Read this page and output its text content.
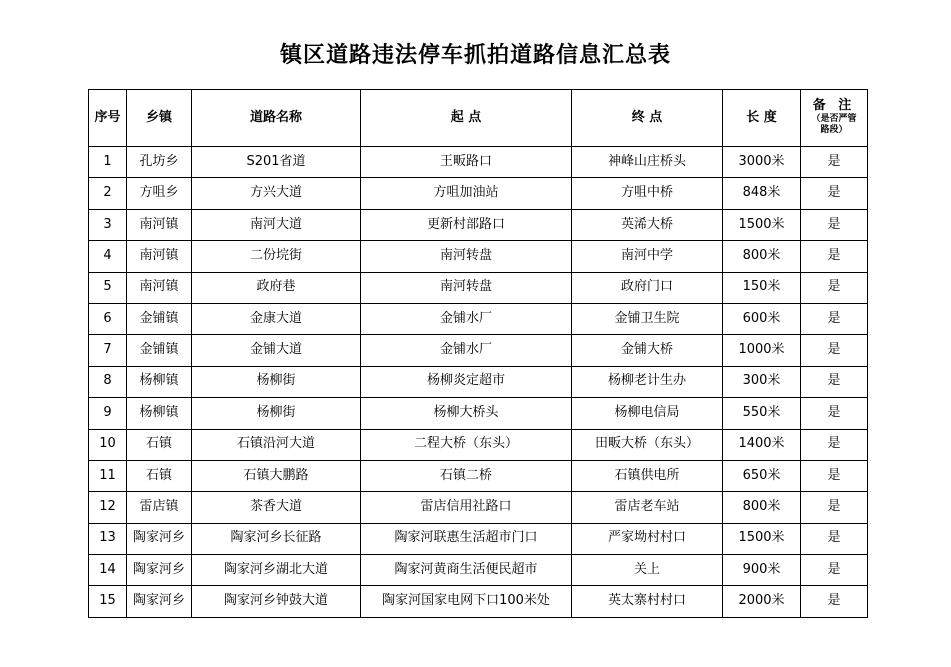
镇区道路违法停车抓拍道路信息汇总表
序号	乡镇	道路名称	起 点	终 点	长 度	备 注
（是否严管
路段）

1	孔坊乡	S201省道	王畈路口	神峰山庄桥头	3000米	是
2	方咀乡	方兴大道	方咀加油站	方咀中桥	848米	是
3	南河镇	南河大道	更新村部路口	英浠大桥	1500米	是
4	南河镇	二份垸街	南河转盘	南河中学	800米	是
5	南河镇	政府巷	南河转盘	政府门口	150米	是
6	金铺镇	金康大道	金铺水厂	金铺卫生院	600米	是
7	金铺镇	金铺大道	金铺水厂	金铺大桥	1000米	是
8	杨柳镇	杨柳街	杨柳炎定超市	杨柳老计生办	300米	是
9	杨柳镇	杨柳街	杨柳大桥头	杨柳电信局	550米	是
10	石镇	石镇沿河大道	二程大桥（东头）	田畈大桥（东头）	1400米	是
11	石镇	石镇大鹏路	石镇二桥	石镇供电所	650米	是
12	雷店镇	茶香大道	雷店信用社路口	雷店老车站	800米	是
13	陶家河乡	陶家河乡长征路	陶家河联惠生活超市门口	严家坳村村口	1500米	是
14	陶家河乡	陶家河乡湖北大道	陶家河黄商生活便民超市	关上	900米	是
15	陶家河乡	陶家河乡钟鼓大道	陶家河国家电网下口100米处	英太寨村村口	2000米	是
